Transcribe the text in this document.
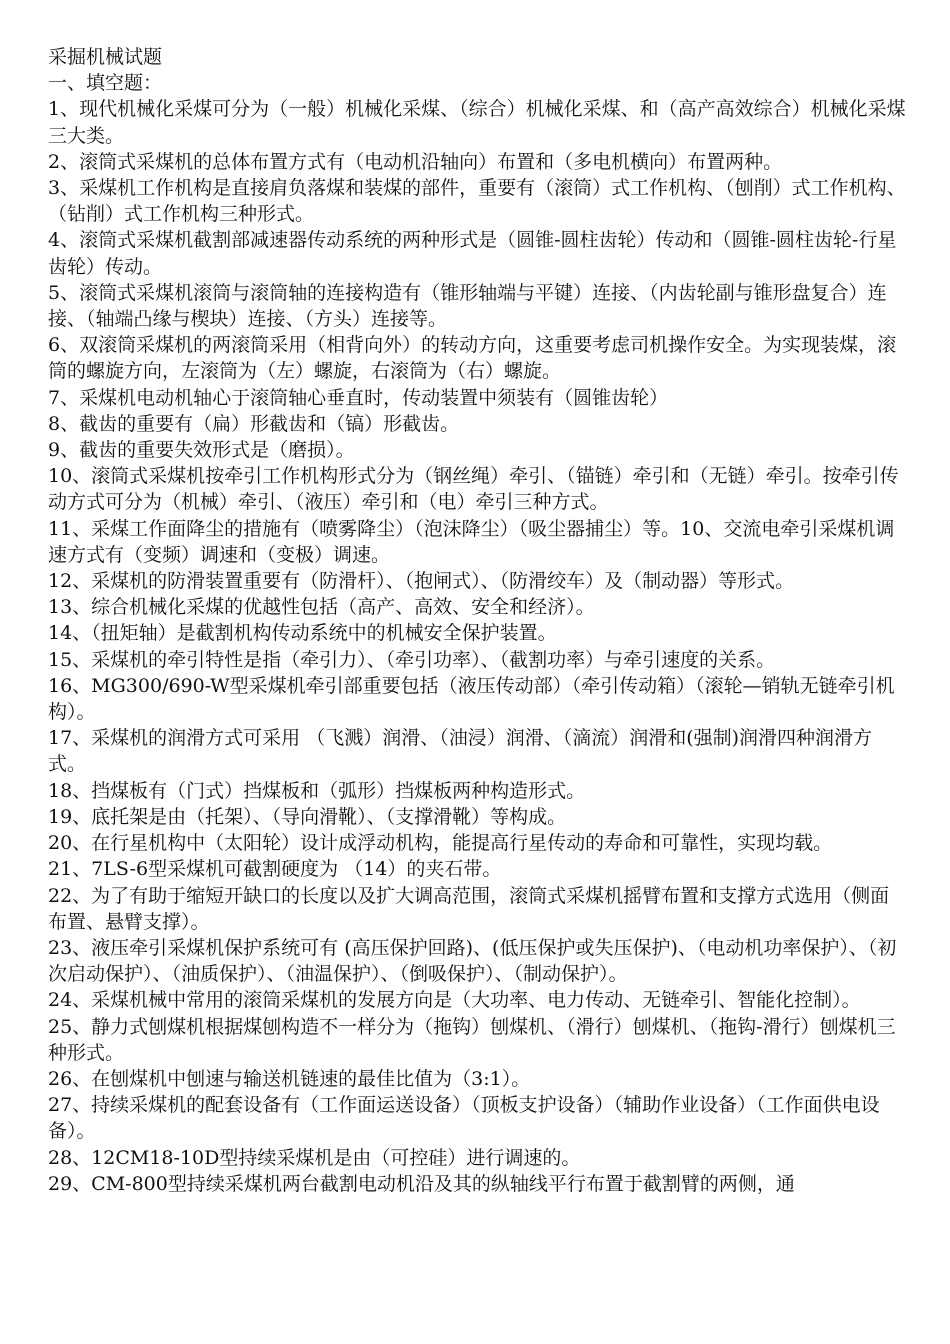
采掘机械试题

一、填空题：

1、现代机械化采煤可分为（一般）机械化采煤、（综合）机械化采煤、和（高产高效综合）机械化采煤三大类。

2、滚筒式采煤机的总体布置方式有（电动机沿轴向）布置和（多电机横向）布置两种。

3、采煤机工作机构是直接肩负落煤和装煤的部件，重要有（滚筒）式工作机构、（刨削）式工作机构、（钻削）式工作机构三种形式。

4、滚筒式采煤机截割部减速器传动系统的两种形式是（圆锥-圆柱齿轮）传动和（圆锥-圆柱齿轮-行星齿轮）传动。

5、滚筒式采煤机滚筒与滚筒轴的连接构造有（锥形轴端与平键）连接、（内齿轮副与锥形盘复合）连接、（轴端凸缘与楔块）连接、（方头）连接等。

6、双滚筒采煤机的两滚筒采用（相背向外）的转动方向，这重要考虑司机操作安全。为实现装煤，滚筒的螺旋方向，左滚筒为（左）螺旋，右滚筒为（右）螺旋。

7、采煤机电动机轴心于滚筒轴心垂直时，传动装置中须装有（圆锥齿轮）

8、截齿的重要有（扁）形截齿和（镐）形截齿。

9、截齿的重要失效形式是（磨损）。

10、滚筒式采煤机按牵引工作机构形式分为（钢丝绳）牵引、（锚链）牵引和（无链）牵引。按牵引传动方式可分为（机械）牵引、（液压）牵引和（电）牵引三种方式。

11、采煤工作面降尘的措施有（喷雾降尘）（泡沫降尘）（吸尘器捕尘）等。10、交流电牵引采煤机调速方式有（变频）调速和（变极）调速。

12、采煤机的防滑装置重要有（防滑杆）、（抱闸式）、（防滑绞车）及（制动器）等形式。

13、综合机械化采煤的优越性包括（高产、高效、安全和经济）。

14、（扭矩轴）是截割机构传动系统中的机械安全保护装置。

15、采煤机的牵引特性是指（牵引力）、（牵引功率）、（截割功率）与牵引速度的关系。

16、MG300/690-W型采煤机牵引部重要包括（液压传动部）（牵引传动箱）（滚轮—销轨无链牵引机构）。

17、采煤机的润滑方式可采用 （飞溅）润滑、（油浸）润滑、（滴流）润滑和(强制)润滑四种润滑方式。

18、挡煤板有（门式）挡煤板和（弧形）挡煤板两种构造形式。

19、底托架是由（托架）、（导向滑靴）、（支撑滑靴）等构成。

20、在行星机构中（太阳轮）设计成浮动机构，能提高行星传动的寿命和可靠性，实现均载。

21、7LS-6型采煤机可截割硬度为 （14）的夹石带。

22、为了有助于缩短开缺口的长度以及扩大调高范围，滚筒式采煤机摇臂布置和支撑方式选用（侧面布置、悬臂支撑）。

23、液压牵引采煤机保护系统可有 (高压保护回路)、(低压保护或失压保护)、（电动机功率保护）、（初次启动保护）、（油质保护）、（油温保护）、（倒吸保护）、（制动保护）。

24、采煤机械中常用的滚筒采煤机的发展方向是（大功率、电力传动、无链牵引、智能化控制）。

25、静力式刨煤机根据煤刨构造不一样分为（拖钩）刨煤机、（滑行）刨煤机、（拖钩-滑行）刨煤机三种形式。

26、在刨煤机中刨速与输送机链速的最佳比值为（3:1）。

27、持续采煤机的配套设备有（工作面运送设备）（顶板支护设备）（辅助作业设备）（工作面供电设备）。

28、12CM18-10D型持续采煤机是由（可控硅）进行调速的。

29、CM-800型持续采煤机两台截割电动机沿及其的纵轴线平行布置于截割臂的两侧，通
